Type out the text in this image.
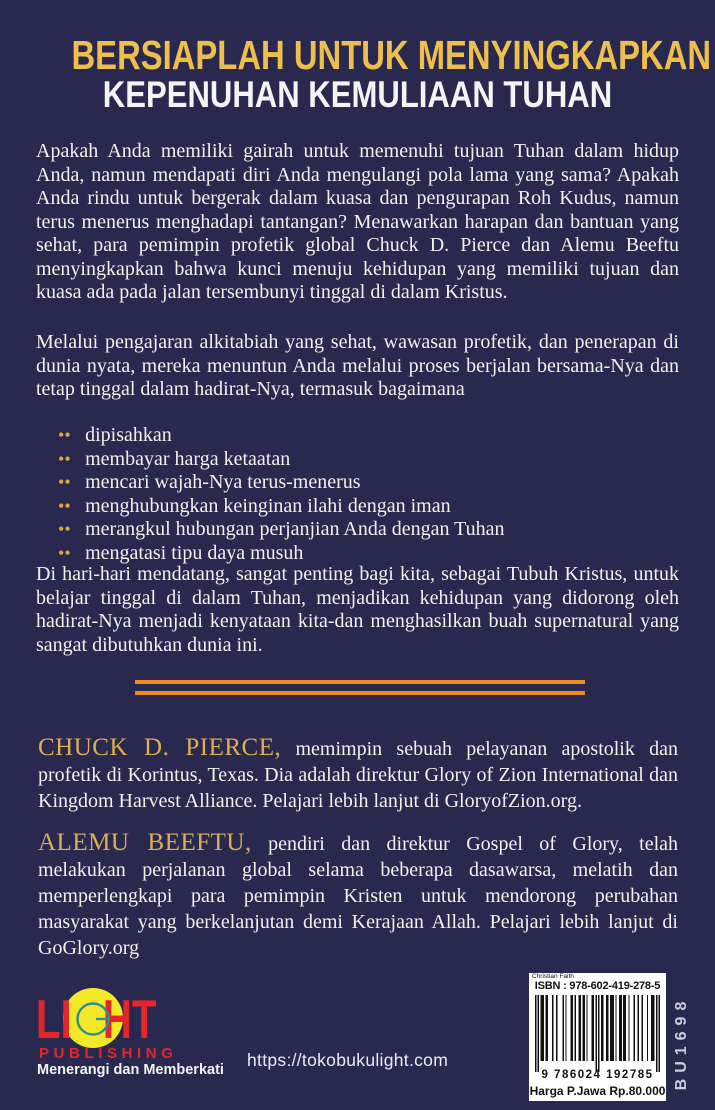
BERSIAPLAH UNTUK MENYINGKAPKAN
KEPENUHAN KEMULIAAN TUHAN

Apakah Anda memiliki gairah untuk memenuhi tujuan Tuhan dalam hidup Anda, namun mendapati diri Anda mengulangi pola lama yang sama? Apakah Anda rindu untuk bergerak dalam kuasa dan pengurapan Roh Kudus, namun terus menerus menghadapi tantangan? Menawarkan harapan dan bantuan yang sehat, para pemimpin profetik global Chuck D. Pierce dan Alemu Beeftu menyingkapkan bahwa kunci menuju kehidupan yang memiliki tujuan dan kuasa ada pada jalan tersembunyi tinggal di dalam Kristus.

Melalui pengajaran alkitabiah yang sehat, wawasan profetik, dan penerapan di dunia nyata, mereka menuntun Anda melalui proses berjalan bersama-Nya dan tetap tinggal dalam hadirat-Nya, termasuk bagaimana

• • dipisahkan
• • membayar harga ketaatan
• • mencari wajah-Nya terus-menerus
• • menghubungkan keinginan ilahi dengan iman
• • merangkul hubungan perjanjian Anda dengan Tuhan
• • mengatasi tipu daya musuh

Di hari-hari mendatang, sangat penting bagi kita, sebagai Tubuh Kristus, untuk belajar tinggal di dalam Tuhan, menjadikan kehidupan yang didorong oleh hadirat-Nya menjadi kenyataan kita-dan menghasilkan buah supernatural yang sangat dibutuhkan dunia ini.

CHUCK D. PIERCE, memimpin sebuah pelayanan apostolik dan profetik di Korintus, Texas. Dia adalah direktur Glory of Zion International dan Kingdom Harvest Alliance. Pelajari lebih lanjut di GloryofZion.org.

ALEMU BEEFTU, pendiri dan direktur Gospel of Glory, telah melakukan perjalanan global selama beberapa dasawarsa, melatih dan memperlengkapi para pemimpin Kristen untuk mendorong perubahan masyarakat yang berkelanjutan demi Kerajaan Allah. Pelajari lebih lanjut di GoGlory.org

LI HT
PUBLISHING
Menerangi dan Memberkati https://tokobukulight.com
Christian Faith
ISBN : 978-602-419-278-5
9 786024 192785
Harga P.Jawa Rp.80.000
BU1698
